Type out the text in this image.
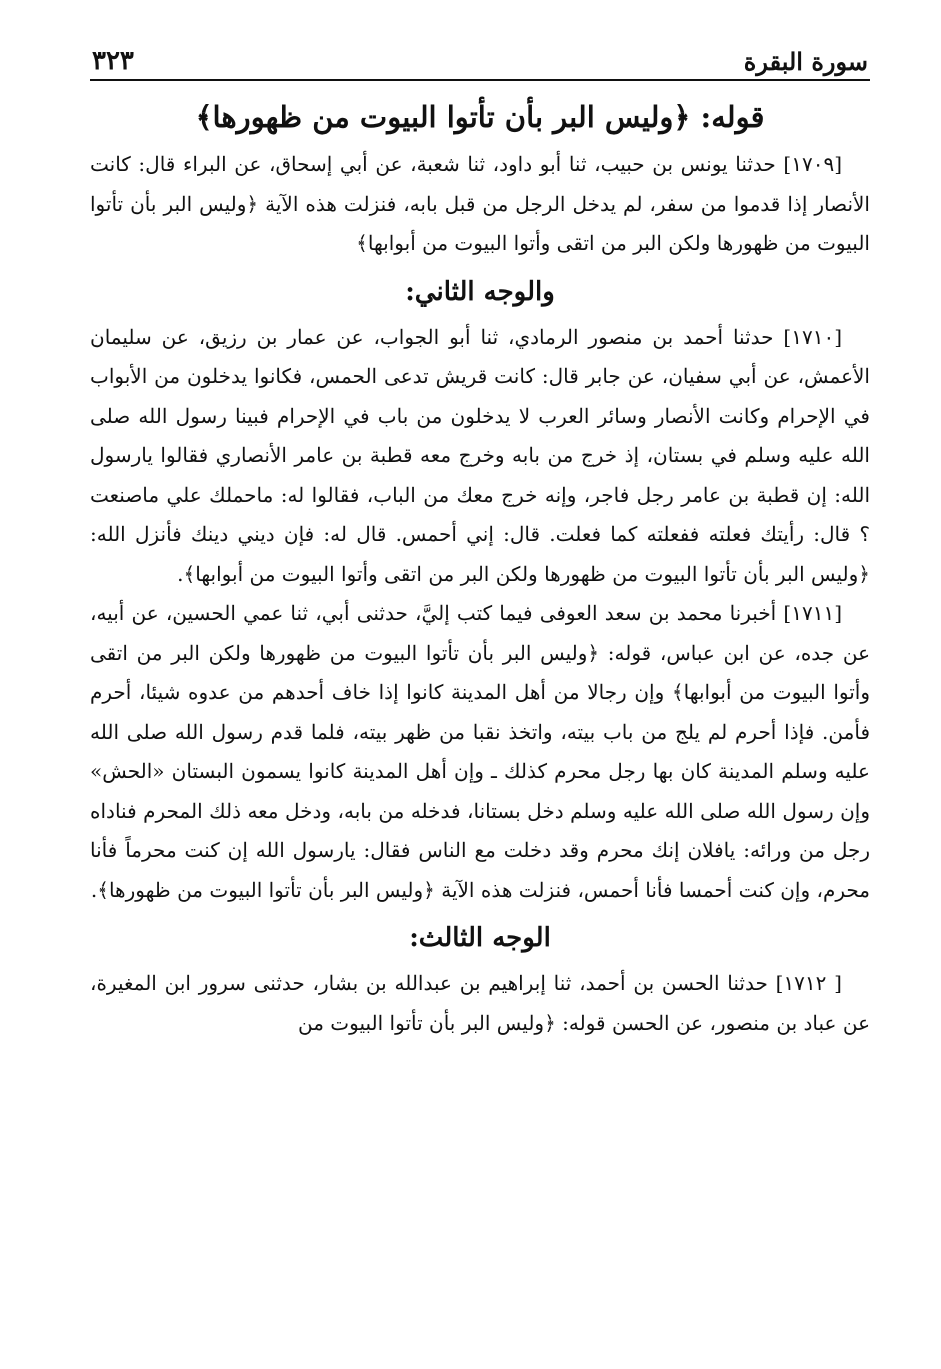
سورة البقرة
٣٢٣
قوله: ﴿وليس البر بأن تأتوا البيوت من ظهورها﴾

[١٧٠٩] حدثنا يونس بن حبيب، ثنا أبو داود، ثنا شعبة، عن أبي إسحاق، عن البراء قال: كانت الأنصار إذا قدموا من سفر، لم يدخل الرجل من قبل بابه، فنزلت هذه الآية ﴿وليس البر بأن تأتوا البيوت من ظهورها ولكن البر من اتقى وأتوا البيوت من أبوابها﴾

والوجه الثاني:

[١٧١٠] حدثنا أحمد بن منصور الرمادي، ثنا أبو الجواب، عن عمار بن رزيق، عن سليمان الأعمش، عن أبي سفيان، عن جابر قال: كانت قريش تدعى الحمس، فكانوا يدخلون من الأبواب في الإحرام وكانت الأنصار وسائر العرب لا يدخلون من باب في الإحرام فبينا رسول الله صلى الله عليه وسلم في بستان، إذ خرج من بابه وخرج معه قطبة بن عامر الأنصاري فقالوا يارسول الله: إن قطبة بن عامر رجل فاجر، وإنه خرج معك من الباب، فقالوا له: ماحملك علي ماصنعت ؟ قال: رأيتك فعلته ففعلته كما فعلت. قال: إني أحمس. قال له: فإن ديني دينك فأنزل الله: ﴿وليس البر بأن تأتوا البيوت من ظهورها ولكن البر من اتقى وأتوا البيوت من أبوابها﴾.

[١٧١١] أخبرنا محمد بن سعد العوفى فيما كتب إليَّ، حدثنى أبي، ثنا عمي الحسين، عن أبيه، عن جده، عن ابن عباس، قوله: ﴿وليس البر بأن تأتوا البيوت من ظهورها ولكن البر من اتقى وأتوا البيوت من أبوابها﴾ وإن رجالا من أهل المدينة كانوا إذا خاف أحدهم من عدوه شيئا، أحرم فأمن. فإذا أحرم لم يلج من باب بيته، واتخذ نقبا من ظهر بيته، فلما قدم رسول الله صلى الله عليه وسلم المدينة كان بها رجل محرم كذلك ـ وإن أهل المدينة كانوا يسمون البستان «الحش» وإن رسول الله صلى الله عليه وسلم دخل بستانا، فدخله من بابه، ودخل معه ذلك المحرم فناداه رجل من ورائه: يافلان إنك محرم وقد دخلت مع الناس فقال: يارسول الله إن كنت محرماً فأنا محرم، وإن كنت أحمسا فأنا أحمس، فنزلت هذه الآية ﴿وليس البر بأن تأتوا البيوت من ظهورها﴾.

الوجه الثالث:

[ ١٧١٢] حدثنا الحسن بن أحمد، ثنا إبراهيم بن عبدالله بن بشار، حدثنى سرور ابن المغيرة، عن عباد بن منصور، عن الحسن قوله: ﴿وليس البر بأن تأتوا البيوت من
